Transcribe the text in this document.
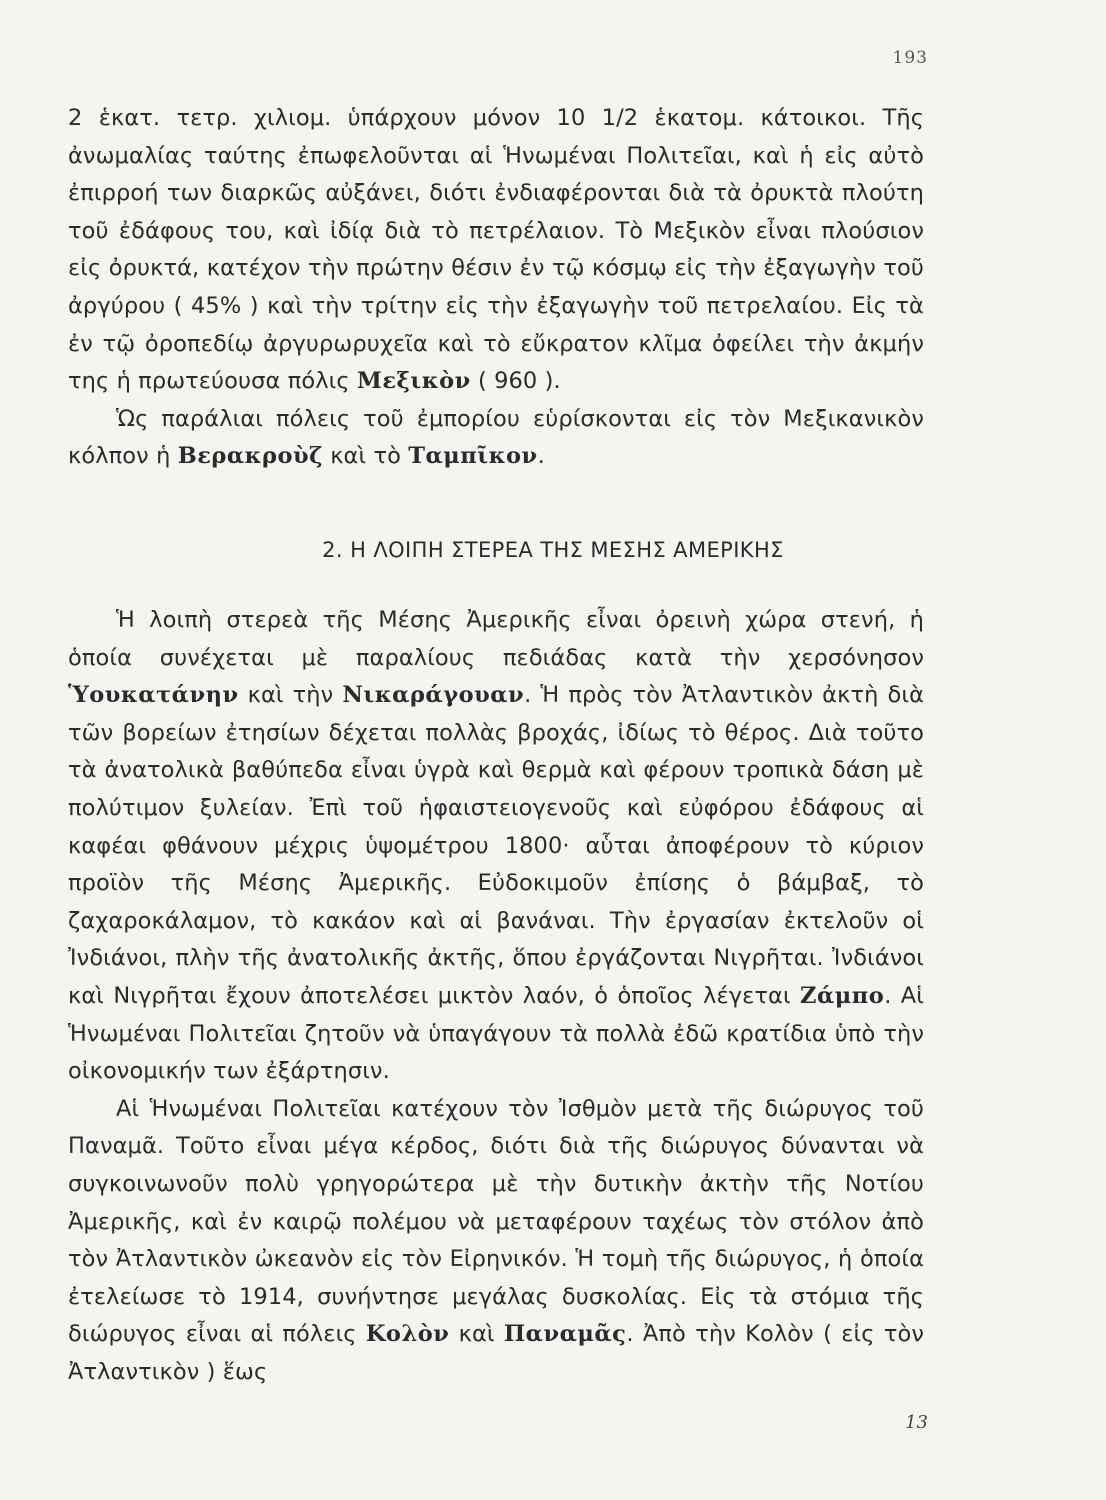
193

2 ἑκατ. τετρ. χιλιομ. ὑπάρχουν μόνον 10 1/2 ἑκατομ. κάτοικοι. Τῆς ἀνωμαλίας ταύτης ἐπωφελοῦνται αἱ Ἡνωμέναι Πολιτεῖαι, καὶ ἡ εἰς αὐτὸ ἐπιρροή των διαρκῶς αὐξάνει, διότι ἐνδιαφέρονται διὰ τὰ ὀρυκτὰ πλούτη τοῦ ἐδάφους του, καὶ ἰδίᾳ διὰ τὸ πετρέλαιον. Τὸ Μεξικὸν εἶναι πλούσιον εἰς ὀρυκτά, κατέχον τὴν πρώτην θέσιν ἐν τῷ κόσμῳ εἰς τὴν ἐξαγωγὴν τοῦ ἀργύρου ( 45% ) καὶ τὴν τρίτην εἰς τὴν ἐξαγωγὴν τοῦ πετρελαίου. Εἰς τὰ ἐν τῷ ὀροπεδίῳ ἀργυρωρυχεῖα καὶ τὸ εὔκρατον κλῖμα ὀφείλει τὴν ἀκμήν της ἡ πρωτεύουσα πόλις Μεξικὸν ( 960 ).

Ὡς παράλιαι πόλεις τοῦ ἐμπορίου εὑρίσκονται εἰς τὸν Μεξικανικὸν κόλπον ἡ Βερακροὺζ καὶ τὸ Ταμπῖκον.

2. Η ΛΟΙΠΗ ΣΤΕΡΕΑ ΤΗΣ ΜΕΣΗΣ ΑΜΕΡΙΚΗΣ

Ἡ λοιπὴ στερεὰ τῆς Μέσης Ἀμερικῆς εἶναι ὀρεινὴ χώρα στενή, ἡ ὁποία συνέχεται μὲ παραλίους πεδιάδας κατὰ τὴν χερσόνησον Ὑουκατάνην καὶ τὴν Νικαράγουαν. Ἡ πρὸς τὸν Ἀτλαντικὸν ἀκτὴ διὰ τῶν βορείων ἐτησίων δέχεται πολλὰς βροχάς, ἰδίως τὸ θέρος. Διὰ τοῦτο τὰ ἀνατολικὰ βαθύπεδα εἶναι ὑγρὰ καὶ θερμὰ καὶ φέρουν τροπικὰ δάση μὲ πολύτιμον ξυλείαν. Ἐπὶ τοῦ ἡφαιστειογενοῦς καὶ εὐφόρου ἐδάφους αἱ καφέαι φθάνουν μέχρις ὑψομέτρου 1800· αὗται ἀποφέρουν τὸ κύριον προϊὸν τῆς Μέσης Ἀμερικῆς. Εὐδοκιμοῦν ἐπίσης ὁ βάμβαξ, τὸ ζαχαροκάλαμον, τὸ κακάον καὶ αἱ βανάναι. Τὴν ἐργασίαν ἐκτελοῦν οἱ Ἰνδιάνοι, πλὴν τῆς ἀνατολικῆς ἀκτῆς, ὅπου ἐργάζονται Νιγρῆται. Ἰνδιάνοι καὶ Νιγρῆται ἔχουν ἀποτελέσει μικτὸν λαόν, ὁ ὁποῖος λέγεται Ζάμπο. Αἱ Ἡνωμέναι Πολιτεῖαι ζητοῦν νὰ ὑπαγάγουν τὰ πολλὰ ἐδῶ κρατίδια ὑπὸ τὴν οἰκονομικήν των ἐξάρτησιν.

Αἱ Ἡνωμέναι Πολιτεῖαι κατέχουν τὸν Ἰσθμὸν μετὰ τῆς διώρυγος τοῦ Παναμᾶ. Τοῦτο εἶναι μέγα κέρδος, διότι διὰ τῆς διώρυγος δύνανται νὰ συγκοινωνοῦν πολὺ γρηγορώτερα μὲ τὴν δυτικὴν ἀκτὴν τῆς Νοτίου Ἀμερικῆς, καὶ ἐν καιρῷ πολέμου νὰ μεταφέρουν ταχέως τὸν στόλον ἀπὸ τὸν Ἀτλαντικὸν ὠκεανὸν εἰς τὸν Εἰρηνικόν. Ἡ τομὴ τῆς διώρυγος, ἡ ὁποία ἐτελείωσε τὸ 1914, συνήντησε μεγάλας δυσκολίας. Εἰς τὰ στόμια τῆς διώρυγος εἶναι αἱ πόλεις Κολὸν καὶ Παναμᾶς. Ἀπὸ τὴν Κολὸν ( εἰς τὸν Ἀτλαντικὸν ) ἕως

13
